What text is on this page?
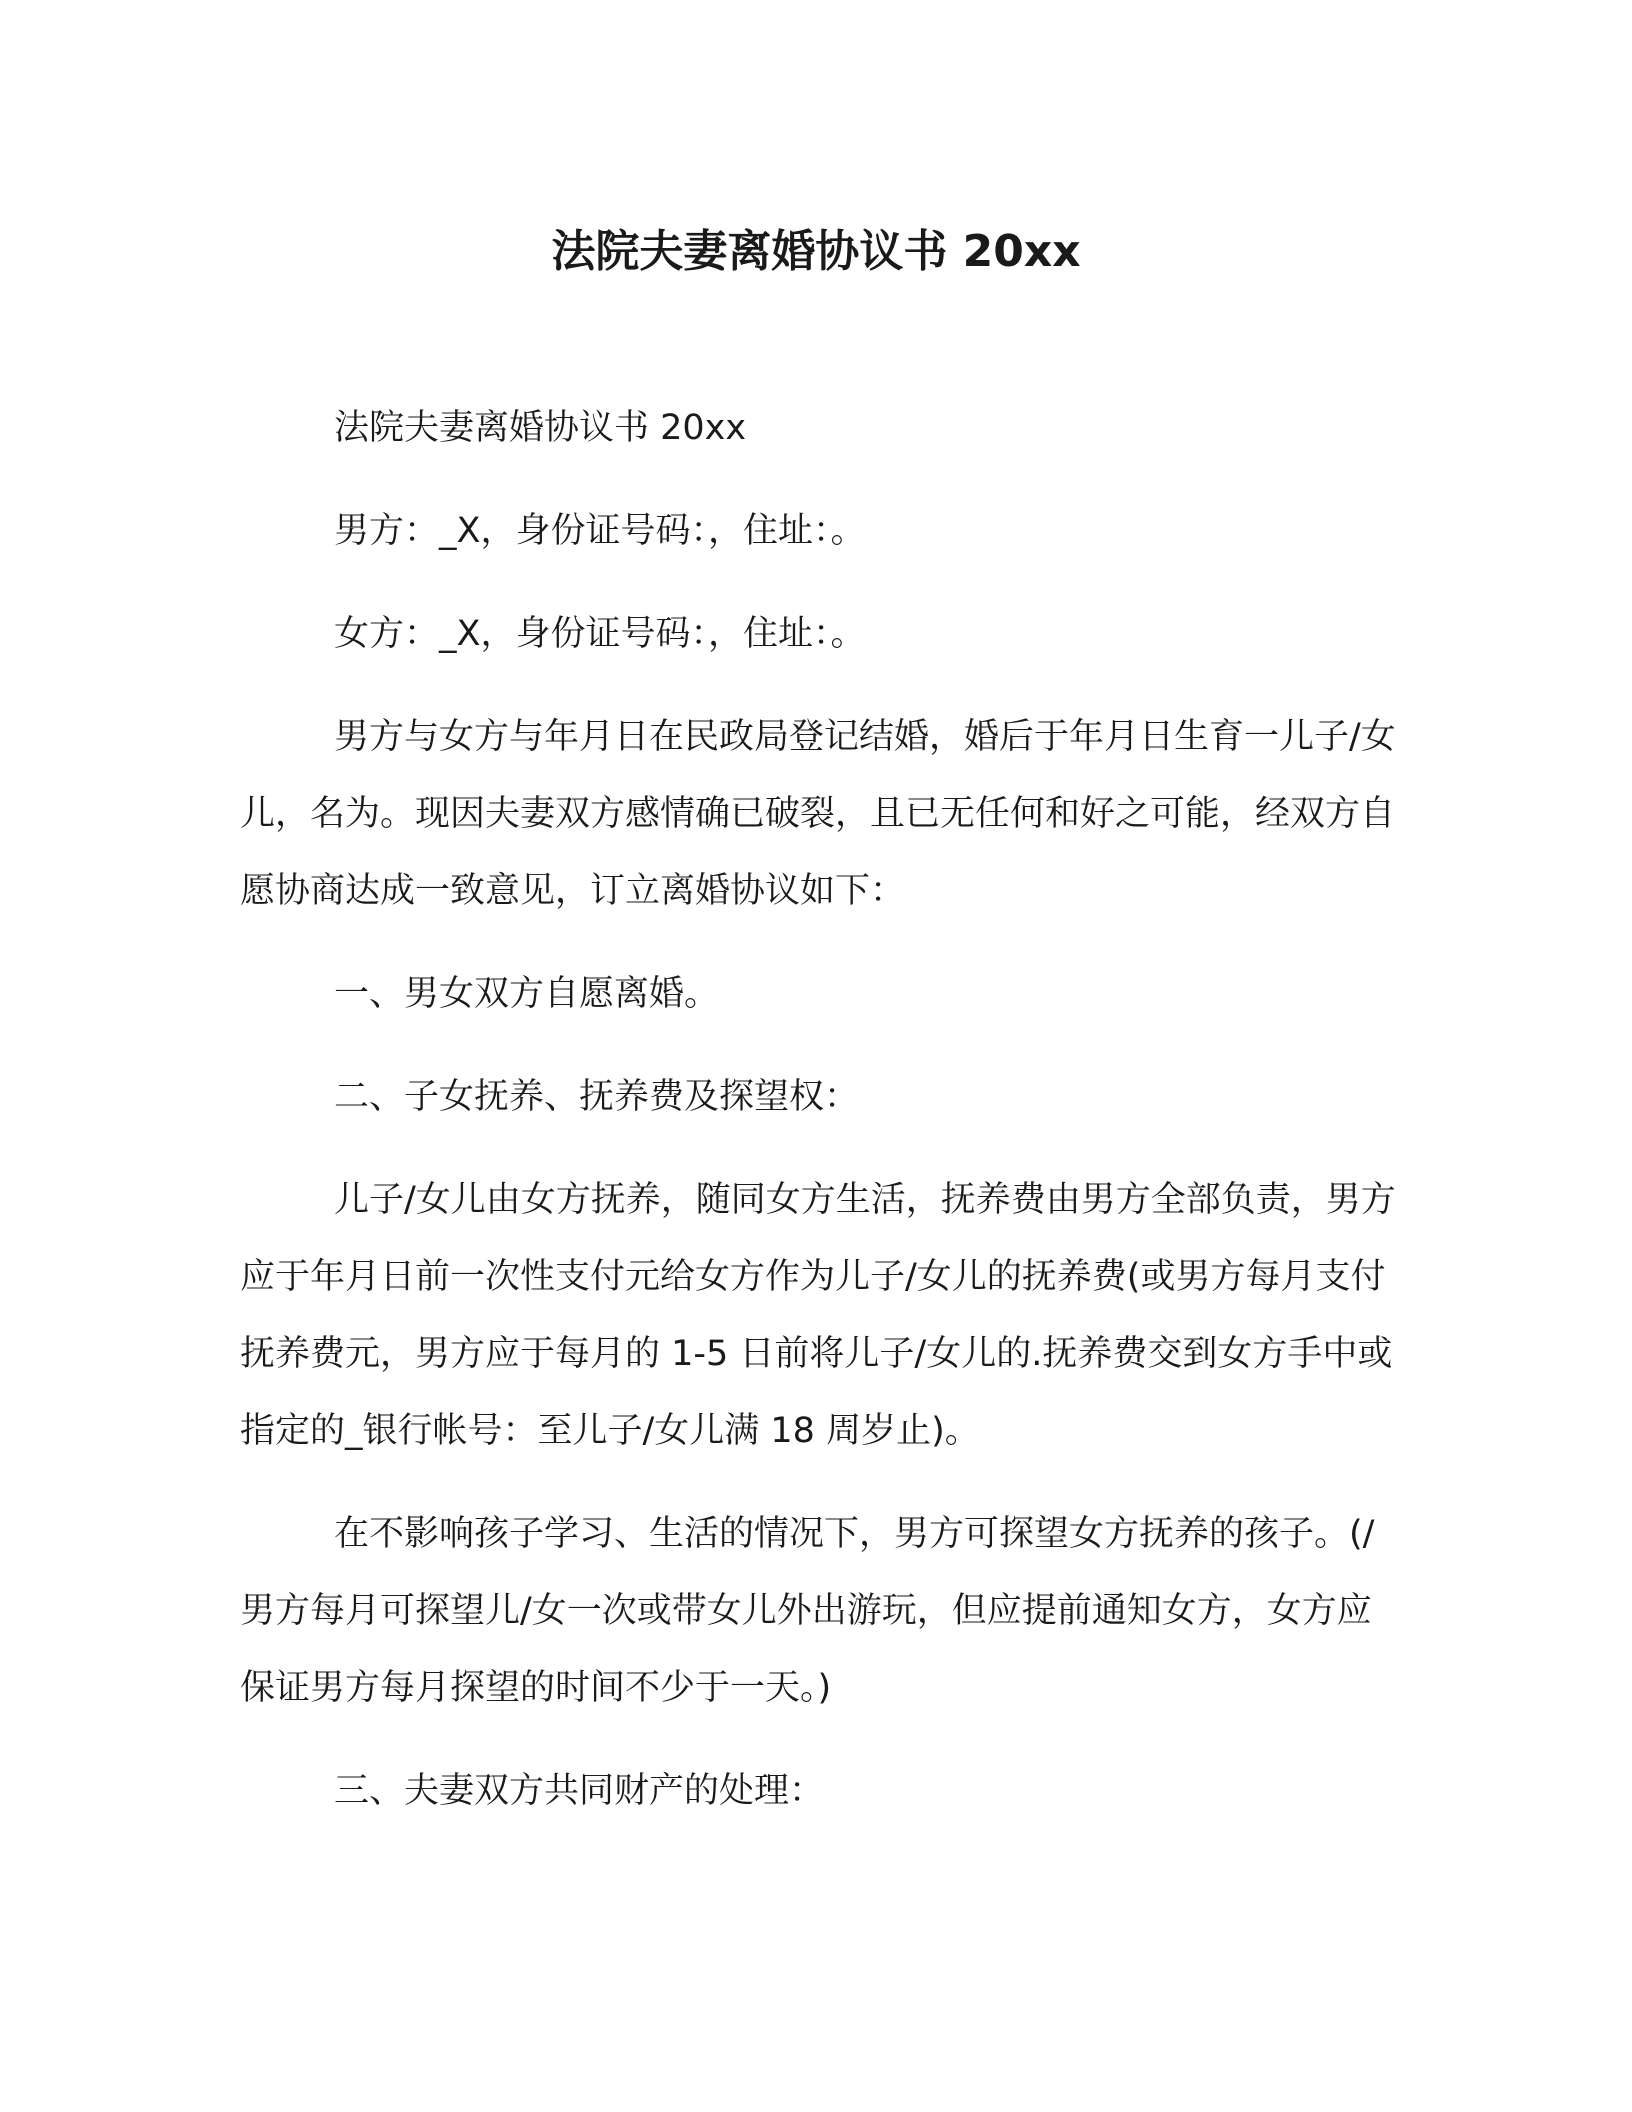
法院夫妻离婚协议书 20xx

法院夫妻离婚协议书 20xx

男方：_X，身份证号码：，住址：。

女方：_X，身份证号码：，住址：。

男方与女方与年月日在民政局登记结婚，婚后于年月日生育一儿子/女儿，名为。现因夫妻双方感情确已破裂，且已无任何和好之可能，经双方自愿协商达成一致意见，订立离婚协议如下：

一、男女双方自愿离婚。

二、子女抚养、抚养费及探望权：

儿子/女儿由女方抚养，随同女方生活，抚养费由男方全部负责，男方应于年月日前一次性支付元给女方作为儿子/女儿的抚养费(或男方每月支付抚养费元，男方应于每月的 1-5 日前将儿子/女儿的.抚养费交到女方手中或指定的_银行帐号：至儿子/女儿满 18 周岁止)。

在不影响孩子学习、生活的情况下，男方可探望女方抚养的孩子。(/男方每月可探望儿/女一次或带女儿外出游玩，但应提前通知女方，女方应保证男方每月探望的时间不少于一天。)

三、夫妻双方共同财产的处理：
